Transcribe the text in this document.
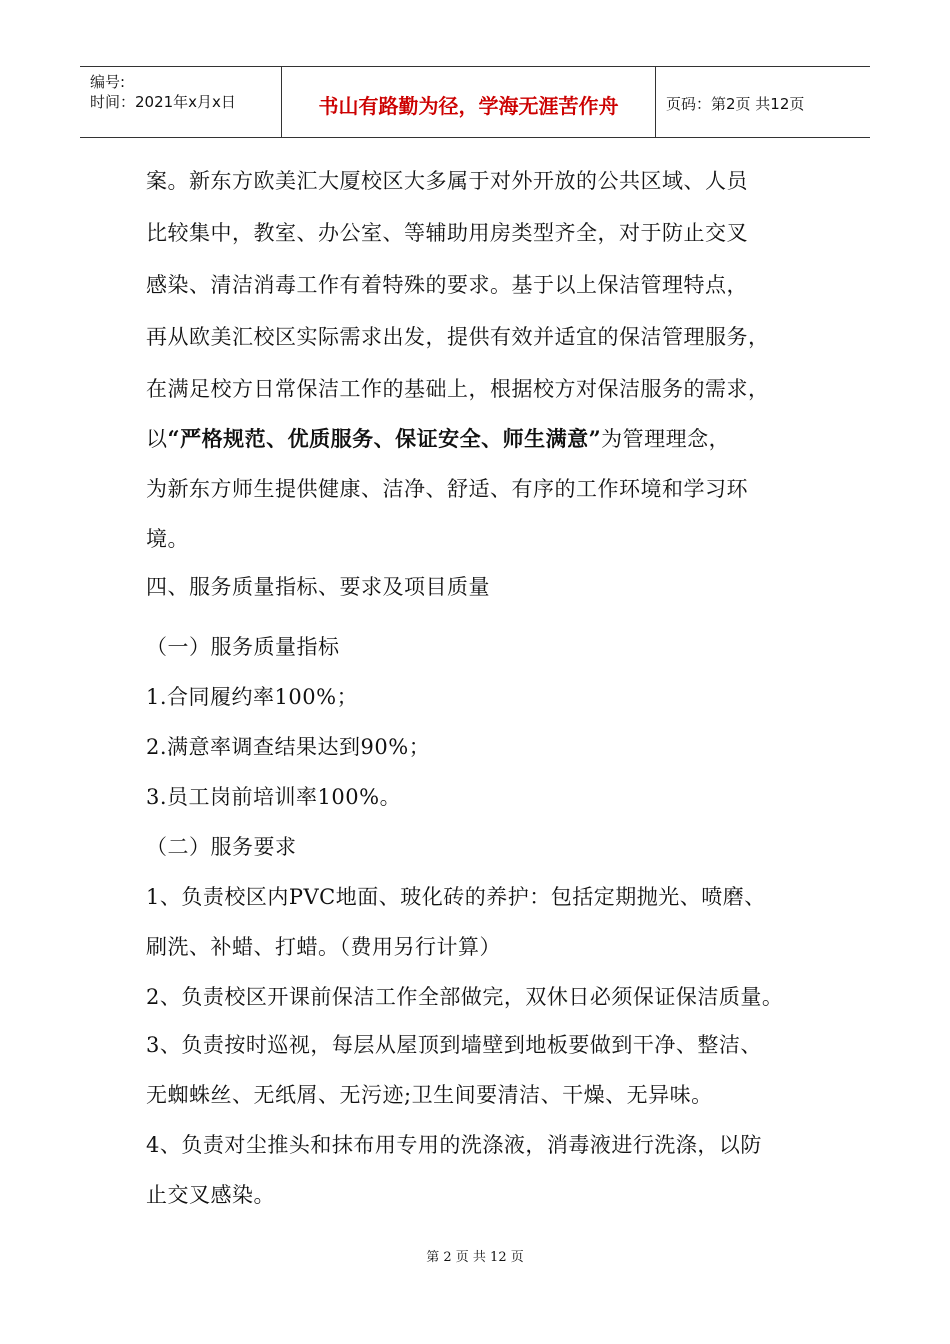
编号:
时间：2021年x月x日	书山有路勤为径，学海无涯苦作舟	页码：第2页 共12页
案。新东方欧美汇大厦校区大多属于对外开放的公共区域、人员
比较集中，教室、办公室、等辅助用房类型齐全，对于防止交叉
感染、清洁消毒工作有着特殊的要求。基于以上保洁管理特点，
再从欧美汇校区实际需求出发，提供有效并适宜的保洁管理服务，
在满足校方日常保洁工作的基础上，根据校方对保洁服务的需求，
以“严格规范、优质服务、保证安全、师生满意”为管理理念，
为新东方师生提供健康、洁净、舒适、有序的工作环境和学习环
境。
四、服务质量指标、要求及项目质量
（一）服务质量指标
1.合同履约率100%；
2.满意率调查结果达到90%；
3.员工岗前培训率100%。
（二）服务要求
1、负责校区内PVC地面、玻化砖的养护：包括定期抛光、喷磨、
刷洗、补蜡、打蜡。（费用另行计算）
2、负责校区开课前保洁工作全部做完，双休日必须保证保洁质量。
3、负责按时巡视，每层从屋顶到墙壁到地板要做到干净、整洁、
无蜘蛛丝、无纸屑、无污迹;卫生间要清洁、干燥、无异味。
4、负责对尘推头和抹布用专用的洗涤液，消毒液进行洗涤，以防
止交叉感染。
第 2 页 共 12 页
